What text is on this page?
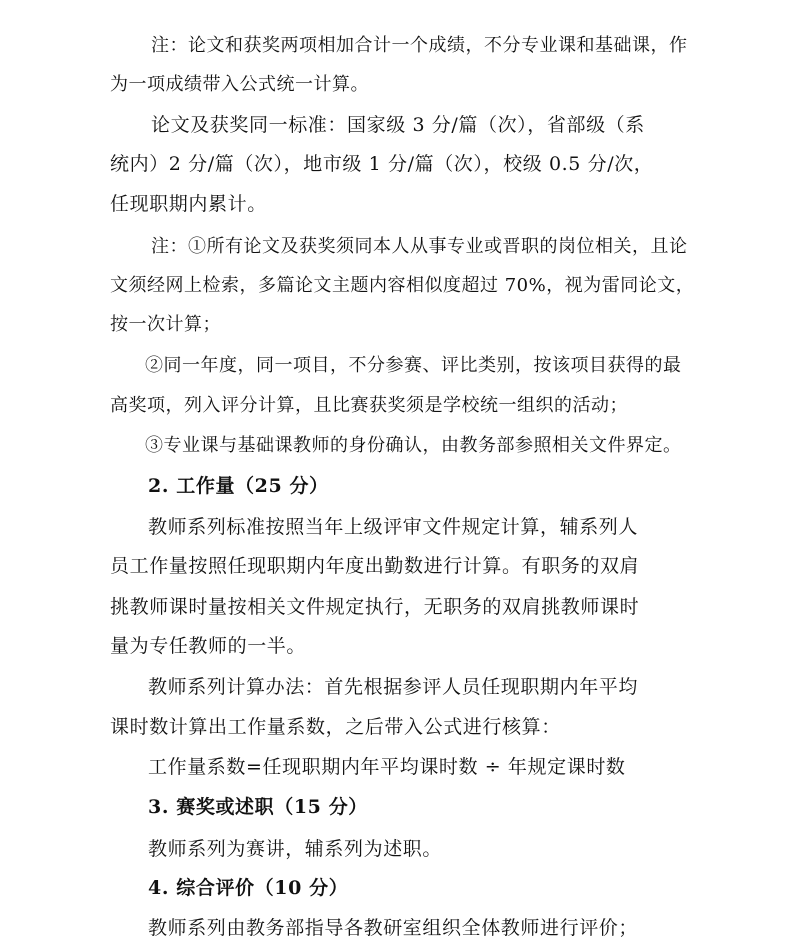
注：论文和获奖两项相加合计一个成绩，不分专业课和基础课，作
为一项成绩带入公式统一计算。
论文及获奖同一标准：国家级 3 分/篇（次），省部级（系
统内）2 分/篇（次），地市级 1 分/篇（次），校级 0.5 分/次，
任现职期内累计。
注：①所有论文及获奖须同本人从事专业或晋职的岗位相关，且论
文须经网上检索，多篇论文主题内容相似度超过 70%，视为雷同论文，
按一次计算；
②同一年度，同一项目，不分参赛、评比类别，按该项目获得的最
高奖项，列入评分计算，且比赛获奖须是学校统一组织的活动；
③专业课与基础课教师的身份确认，由教务部参照相关文件界定。
2. 工作量（25 分）
教师系列标准按照当年上级评审文件规定计算，辅系列人
员工作量按照任现职期内年度出勤数进行计算。有职务的双肩
挑教师课时量按相关文件规定执行，无职务的双肩挑教师课时
量为专任教师的一半。
教师系列计算办法：首先根据参评人员任现职期内年平均
课时数计算出工作量系数，之后带入公式进行核算：
工作量系数=任现职期内年平均课时数 ÷ 年规定课时数
3. 赛奖或述职（15 分）
教师系列为赛讲，辅系列为述职。
4. 综合评价（10 分）
教师系列由教务部指导各教研室组织全体教师进行评价；
